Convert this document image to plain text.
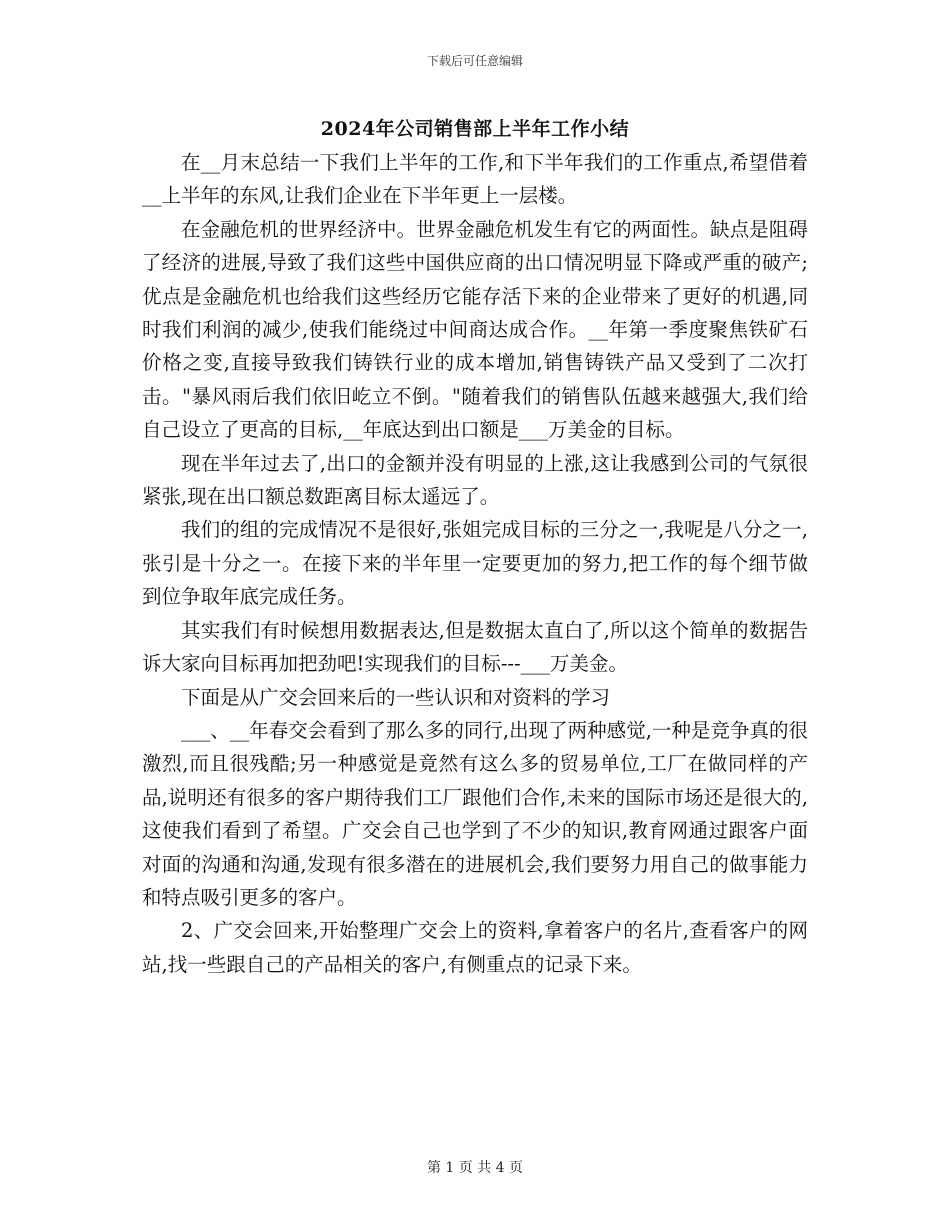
下载后可任意编辑
2024年公司销售部上半年工作小结

在__月末总结一下我们上半年的工作,和下半年我们的工作重点,希望借着__上半年的东风,让我们企业在下半年更上一层楼。

在金融危机的世界经济中。世界金融危机发生有它的两面性。缺点是阻碍了经济的进展,导致了我们这些中国供应商的出口情况明显下降或严重的破产;优点是金融危机也给我们这些经历它能存活下来的企业带来了更好的机遇,同时我们利润的减少,使我们能绕过中间商达成合作。__年第一季度聚焦铁矿石价格之变,直接导致我们铸铁行业的成本增加,销售铸铁产品又受到了二次打击。"暴风雨后我们依旧屹立不倒。"随着我们的销售队伍越来越强大,我们给自己设立了更高的目标,__年底达到出口额是___万美金的目标。

现在半年过去了,出口的金额并没有明显的上涨,这让我感到公司的气氛很紧张,现在出口额总数距离目标太遥远了。

我们的组的完成情况不是很好,张姐完成目标的三分之一,我呢是八分之一,张引是十分之一。在接下来的半年里一定要更加的努力,把工作的每个细节做到位争取年底完成任务。

其实我们有时候想用数据表达,但是数据太直白了,所以这个简单的数据告诉大家向目标再加把劲吧!实现我们的目标---___万美金。

下面是从广交会回来后的一些认识和对资料的学习

___、__年春交会看到了那么多的同行,出现了两种感觉,一种是竞争真的很激烈,而且很残酷;另一种感觉是竟然有这么多的贸易单位,工厂在做同样的产品,说明还有很多的客户期待我们工厂跟他们合作,未来的国际市场还是很大的,这使我们看到了希望。广交会自己也学到了不少的知识,教育网通过跟客户面对面的沟通和沟通,发现有很多潜在的进展机会,我们要努力用自己的做事能力和特点吸引更多的客户。

2、广交会回来,开始整理广交会上的资料,拿着客户的名片,查看客户的网站,找一些跟自己的产品相关的客户,有侧重点的记录下来。

第 1 页 共 4 页
